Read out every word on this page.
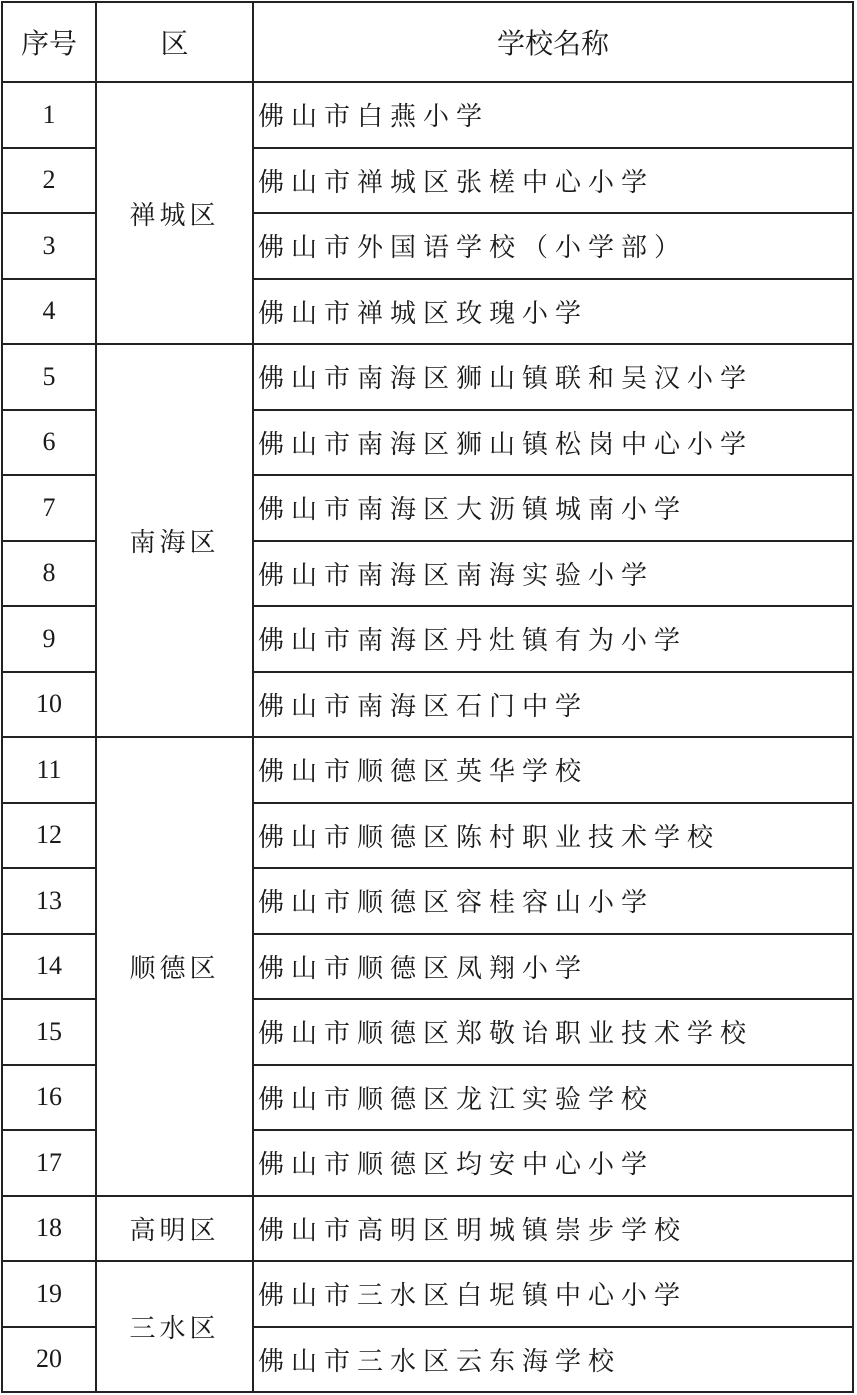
序号	区	学校名称
1	禅城区	佛山市白燕小学
2		佛山市禅城区张槎中心小学
3		佛山市外国语学校（小学部）
4		佛山市禅城区玫瑰小学
5	南海区	佛山市南海区狮山镇联和吴汉小学
6		佛山市南海区狮山镇松岗中心小学
7		佛山市南海区大沥镇城南小学
8		佛山市南海区南海实验小学
9		佛山市南海区丹灶镇有为小学
10		佛山市南海区石门中学
11	顺德区	佛山市顺德区英华学校
12		佛山市顺德区陈村职业技术学校
13		佛山市顺德区容桂容山小学
14		佛山市顺德区凤翔小学
15		佛山市顺德区郑敬诒职业技术学校
16		佛山市顺德区龙江实验学校
17		佛山市顺德区均安中心小学
18	高明区	佛山市高明区明城镇崇步学校
19	三水区	佛山市三水区白坭镇中心小学
20		佛山市三水区云东海学校
